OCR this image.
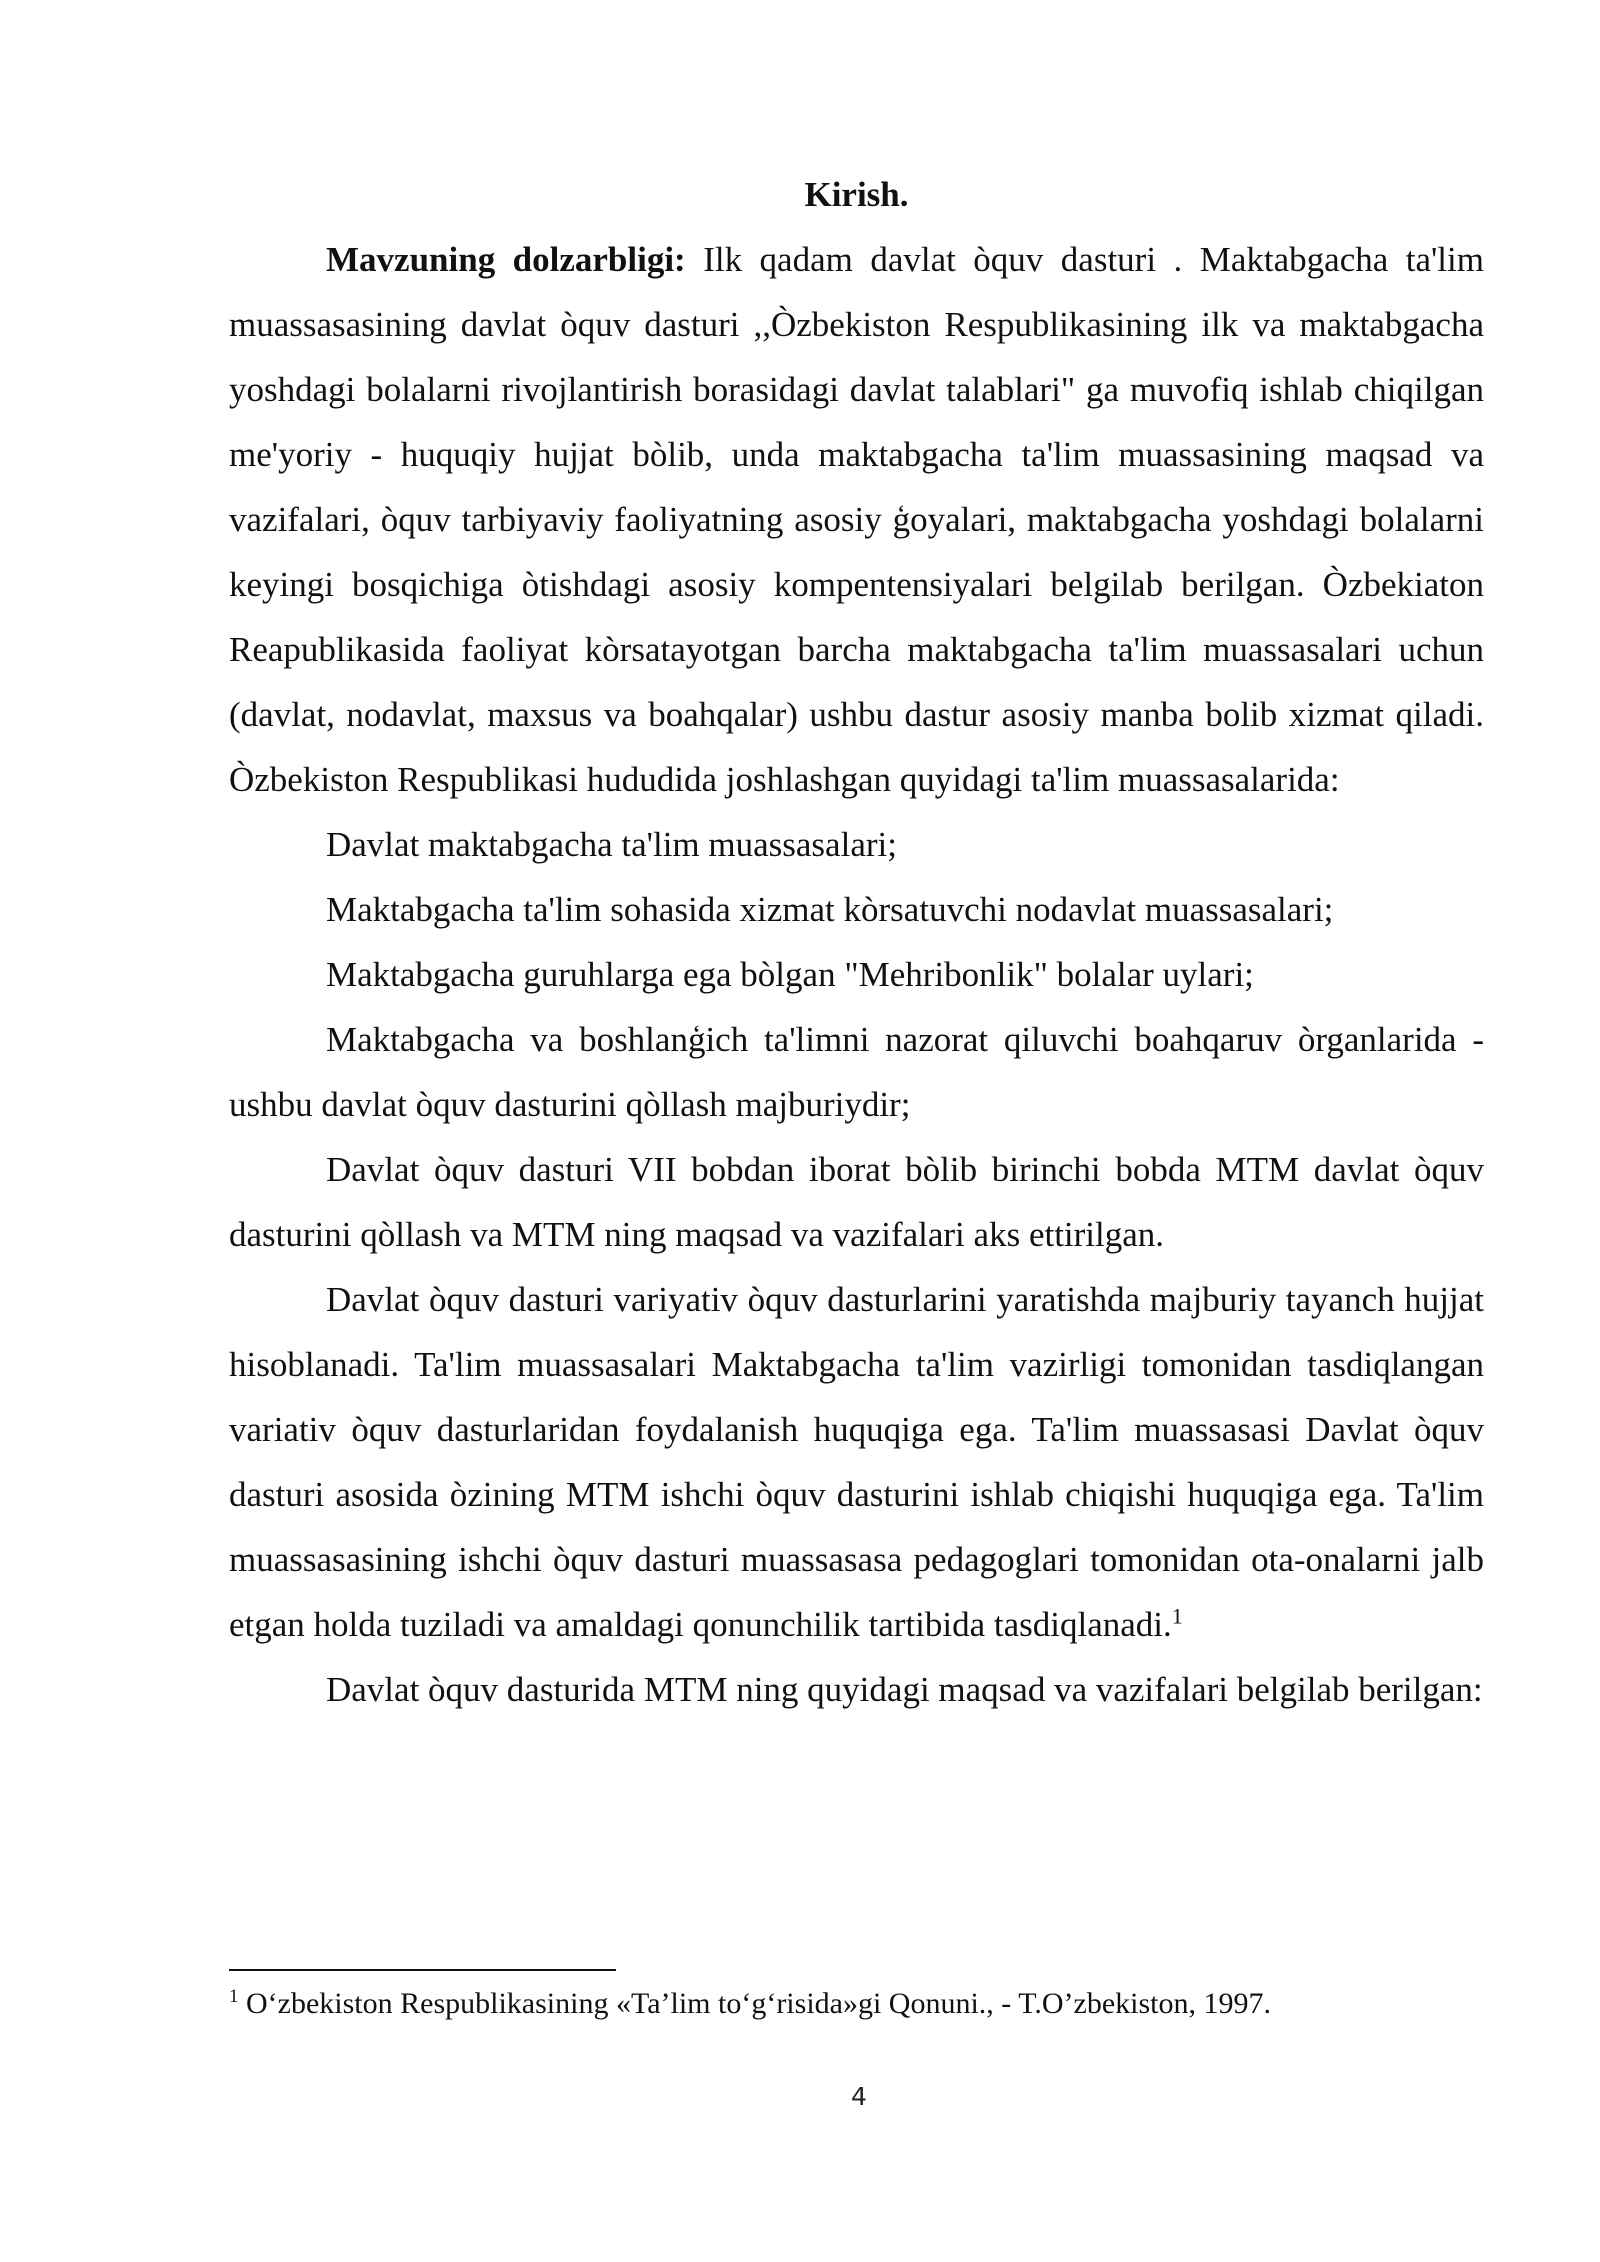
Kirish.

Mavzuning dolzarbligi: Ilk qadam davlat òquv dasturi . Maktabgacha ta'lim muassasasining davlat òquv dasturi ,,Òzbekiston Respublikasining ilk va maktabgacha yoshdagi bolalarni rivojlantirish borasidagi davlat talablari" ga muvofiq ishlab chiqilgan me'yoriy - huquqiy hujjat bòlib, unda maktabgacha ta'lim muassasining maqsad va vazifalari, òquv tarbiyaviy faoliyatning asosiy ģoyalari, maktabgacha yoshdagi bolalarni keyingi bosqichiga òtishdagi asosiy kompentensiyalari belgilab berilgan. Òzbekiaton Reapublikasida faoliyat kòrsatayotgan barcha maktabgacha ta'lim muassasalari uchun (davlat, nodavlat, maxsus va boahqalar) ushbu dastur asosiy manba bolib xizmat qiladi. Òzbekiston Respublikasi hududida joshlashgan quyidagi ta'lim muassasalarida:

Davlat maktabgacha ta'lim muassasalari;

Maktabgacha ta'lim sohasida xizmat kòrsatuvchi nodavlat muassasalari;

Maktabgacha guruhlarga ega bòlgan "Mehribonlik" bolalar uylari;

Maktabgacha va boshlanģich ta'limni nazorat qiluvchi boahqaruv òrganlarida - ushbu davlat òquv dasturini qòllash majburiydir;

Davlat òquv dasturi VII bobdan iborat bòlib birinchi bobda MTM davlat òquv dasturini qòllash va MTM ning maqsad va vazifalari aks ettirilgan.

Davlat òquv dasturi variyativ òquv dasturlarini yaratishda majburiy tayanch hujjat hisoblanadi. Ta'lim muassasalari Maktabgacha ta'lim vazirligi tomonidan tasdiqlangan variativ òquv dasturlaridan foydalanish huquqiga ega. Ta'lim muassasasi Davlat òquv dasturi asosida òzining MTM ishchi òquv dasturini ishlab chiqishi huquqiga ega. Ta'lim muassasasining ishchi òquv dasturi muassasasa pedagoglari tomonidan ota-onalarni jalb etgan holda tuziladi va amaldagi qonunchilik tartibida tasdiqlanadi.$^1$

Davlat òquv dasturida MTM ning quyidagi maqsad va vazifalari belgilab berilgan:

$^1$ O‘zbekiston Respublikasining «Ta’lim to‘g‘risida»gi Qonuni., - T.O’zbekiston, 1997.
4
